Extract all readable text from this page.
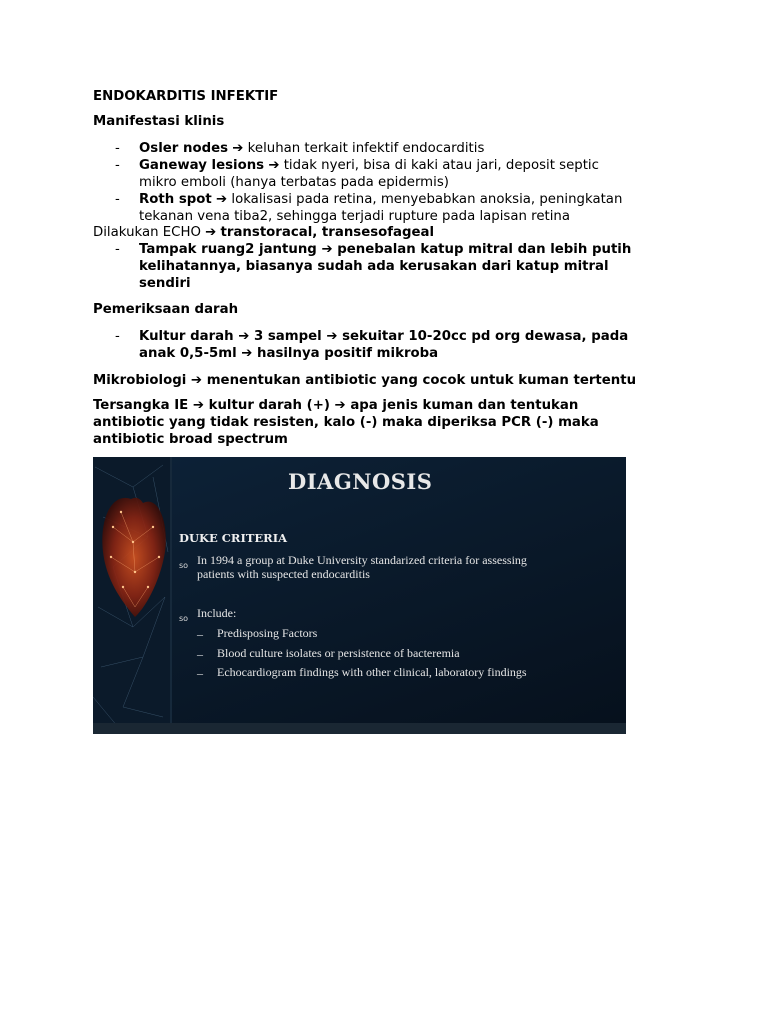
ENDOKARDITIS INFEKTIF
Manifestasi klinis
- Osler nodes ➔ keluhan terkait infektif endocarditis
- Ganeway lesions ➔ tidak nyeri, bisa di kaki atau jari, deposit septic
mikro emboli (hanya terbatas pada epidermis)
- Roth spot ➔ lokalisasi pada retina, menyebabkan anoksia, peningkatan
tekanan vena tiba2, sehingga terjadi rupture pada lapisan retina
Dilakukan ECHO ➔ transtoracal, transesofageal
- Tampak ruang2 jantung ➔ penebalan katup mitral dan lebih putih
kelihatannya, biasanya sudah ada kerusakan dari katup mitral
sendiri
Pemeriksaan darah
- Kultur darah ➔ 3 sampel ➔ sekuitar 10-20cc pd org dewasa, pada
anak 0,5-5ml ➔ hasilnya positif mikroba
Mikrobiologi ➔ menentukan antibiotic yang cocok untuk kuman tertentu
Tersangka IE ➔ kultur darah (+) ➔ apa jenis kuman dan tentukan
antibiotic yang tidak resisten, kalo (-) maka diperiksa PCR (-) maka
antibiotic broad spectrum
DIAGNOSIS
DUKE CRITERIA
so In 1994 a group at Duke University standarized criteria for assessing
patients with suspected endocarditis
so Include:
– Predisposing Factors
– Blood culture isolates or persistence of bacteremia
– Echocardiogram findings with other clinical, laboratory findings
